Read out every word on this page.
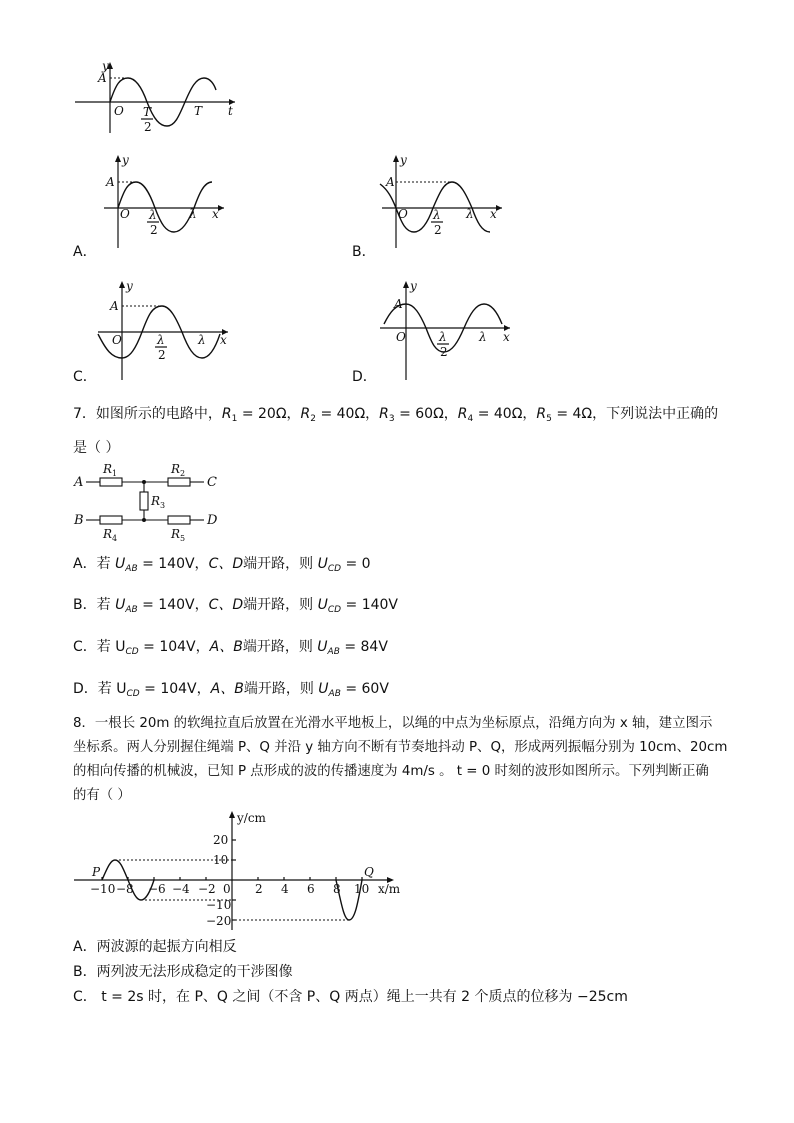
y
A
O T
2
T t
y
A
O λ
2
λ x
A．
y
A
O λ
2
λ x
B．
y
A
O	λ
2
λ x
C．
y
A
O	λ
2
λ x
D．
7．如图所示的电路中，$R_1 = 20\Omega$，$R_2 = 40\Omega$，$R_3 = 60\Omega$，$R_4 = 40\Omega$，$R_5 = 4\Omega$，下列说法中正确的
是（ ）
A
B
C
D
$R_1$	$R_2$
$R_3$
$R_4$	$R_5$
A．若 $U_{AB} = 140V$，C、D端开路，则 $U_{CD} = 0$
B．若 $U_{AB} = 140V$，C、D端开路，则 $U_{CD} = 140V$
C．若 $U_{CD} = 104V$，A、B端开路，则 $U_{AB} = 84V$
D．若 $U_{CD} = 104V$，A、B端开路，则 $U_{AB} = 60V$
8．一根长 20m 的软绳拉直后放置在光滑水平地板上，以绳的中点为坐标原点，沿绳方向为 x 轴，建立图示
坐标系。两人分别握住绳端 P、Q 并沿 y 轴方向不断有节奏地抖动 P、Q，形成两列振幅分别为 10cm、20cm
的相向传播的机械波，已知 P 点形成的波的传播速度为 4m/s 。 t = 0 时刻的波形如图所示。下列判断正确
的有（ ）
y/cm
x/m
P	Q
0
20
10
−10
−20
−10 −8 −6 −4 −2	2 4 6 8 10
A．两波源的起振方向相反
B．两列波无法形成稳定的干涉图像
C． t = 2s 时，在 P、Q 之间（不含 P、Q 两点）绳上一共有 2 个质点的位移为 −25cm
